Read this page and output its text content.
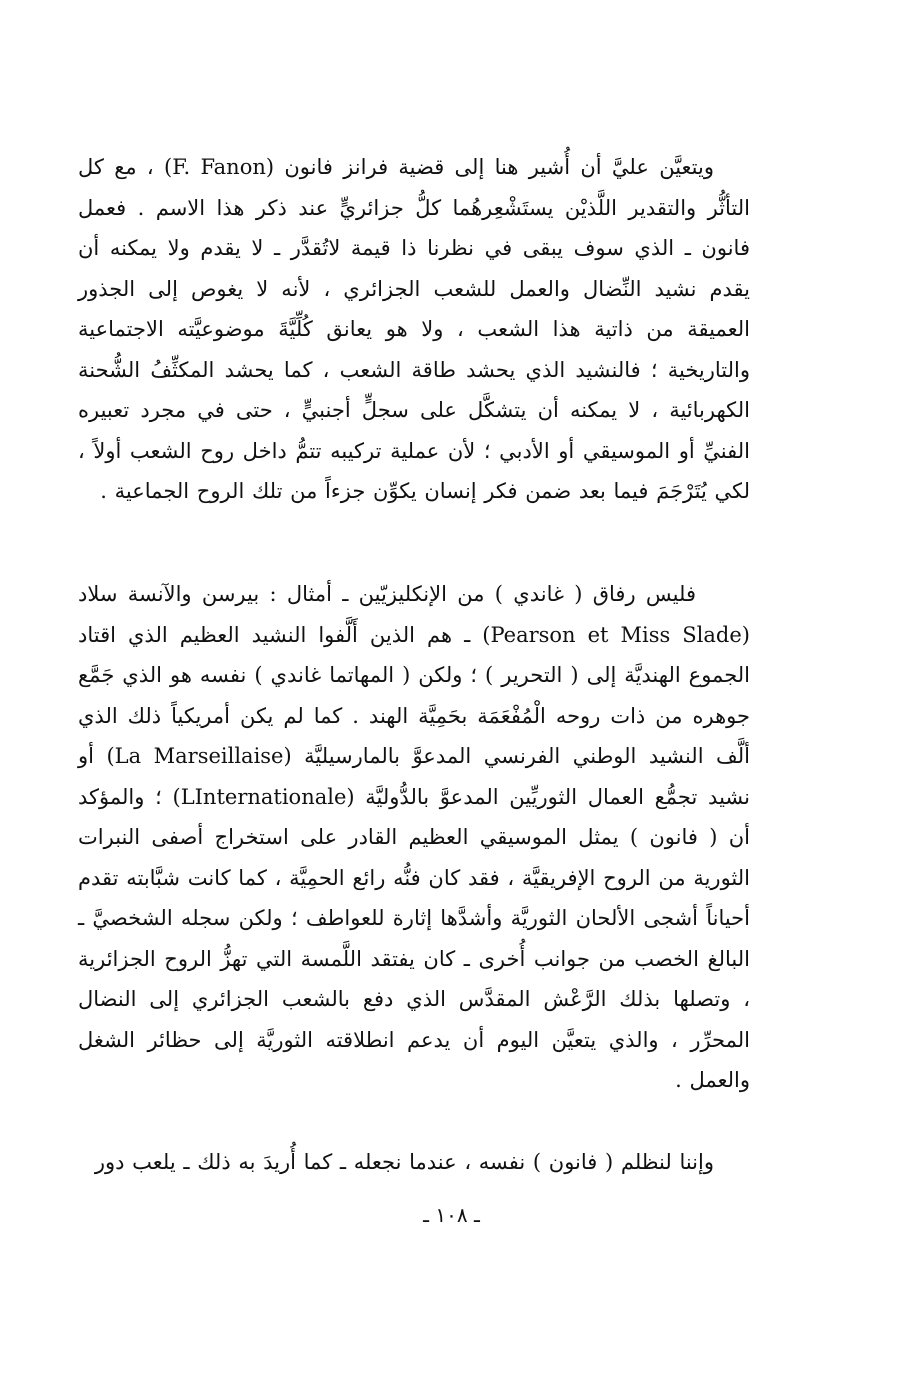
ويتعيَّن عليَّ أن أُشير هنا إلى قضية فرانز فانون (F. Fanon) ، مع كل التأثُّر والتقدير اللَّذيْن يستَشْعِرهُما كلُّ جزائريٍّ عند ذكر هذا الاسم . فعمل فانون ـ الذي سوف يبقى في نظرنا ذا قيمة لاتُقدَّر ـ لا يقدم ولا يمكنه أن يقدم نشيد النِّضال والعمل للشعب الجزائري ، لأنه لا يغوص إلى الجذور العميقة من ذاتية هذا الشعب ، ولا هو يعانق كُلِّيَّةَ موضوعيَّته الاجتماعية والتاريخية ؛ فالنشيد الذي يحشد طاقة الشعب ، كما يحشد المكثِّفُ الشُّحنة الكهربائية ، لا يمكنه أن يتشكَّل على سجلٍّ أجنبيٍّ ، حتى في مجرد تعبيره الفنيِّ أو الموسيقي أو الأدبي ؛ لأن عملية تركيبه تتمُّ داخل روح الشعب أولاً ، لكي يُتَرْجَمَ فيما بعد ضمن فكر إنسان يكوِّن جزءاً من تلك الروح الجماعية .

فليس رفاق ( غاندي ) من الإنكليزيّين ـ أمثال : بيرسن والآنسة سلاد (Pearson et Miss Slade) ـ هم الذين أَلَّفوا النشيد العظيم الذي اقتاد الجموع الهنديَّة إلى ( التحرير ) ؛ ولكن ( المهاتما غاندي ) نفسه هو الذي جَمَّع جوهره من ذات روحه الْمُفْعَمَة بحَمِيَّة الهند . كما لم يكن أمريكياً ذلك الذي ألَّف النشيد الوطني الفرنسي المدعوَّ بالمارسيليَّة (La Marseillaise) أو نشيد تجمُّع العمال الثوريِّين المدعوَّ بالدُّوليَّة (LInternationale) ؛ والمؤكد أن ( فانون ) يمثل الموسيقي العظيم القادر على استخراج أصفى النبرات الثورية من الروح الإفريقيَّة ، فقد كان فنُّه رائع الحمِيَّة ، كما كانت شبَّابته تقدم أحياناً أشجى الألحان الثوريَّة وأشدَّها إثارة للعواطف ؛ ولكن سجله الشخصيَّ ـ البالغ الخصب من جوانب أُخرى ـ كان يفتقد اللَّمسة التي تهزُّ الروح الجزائرية ، وتصلها بذلك الرَّعْش المقدَّس الذي دفع بالشعب الجزائري إلى النضال المحرِّر ، والذي يتعيَّن اليوم أن يدعم انطلاقته الثوريَّة إلى حظائر الشغل والعمل .

وإننا لنظلم ( فانون ) نفسه ، عندما نجعله ـ كما أُريدَ به ذلك ـ يلعب دور

ـ ١٠٨ ـ
